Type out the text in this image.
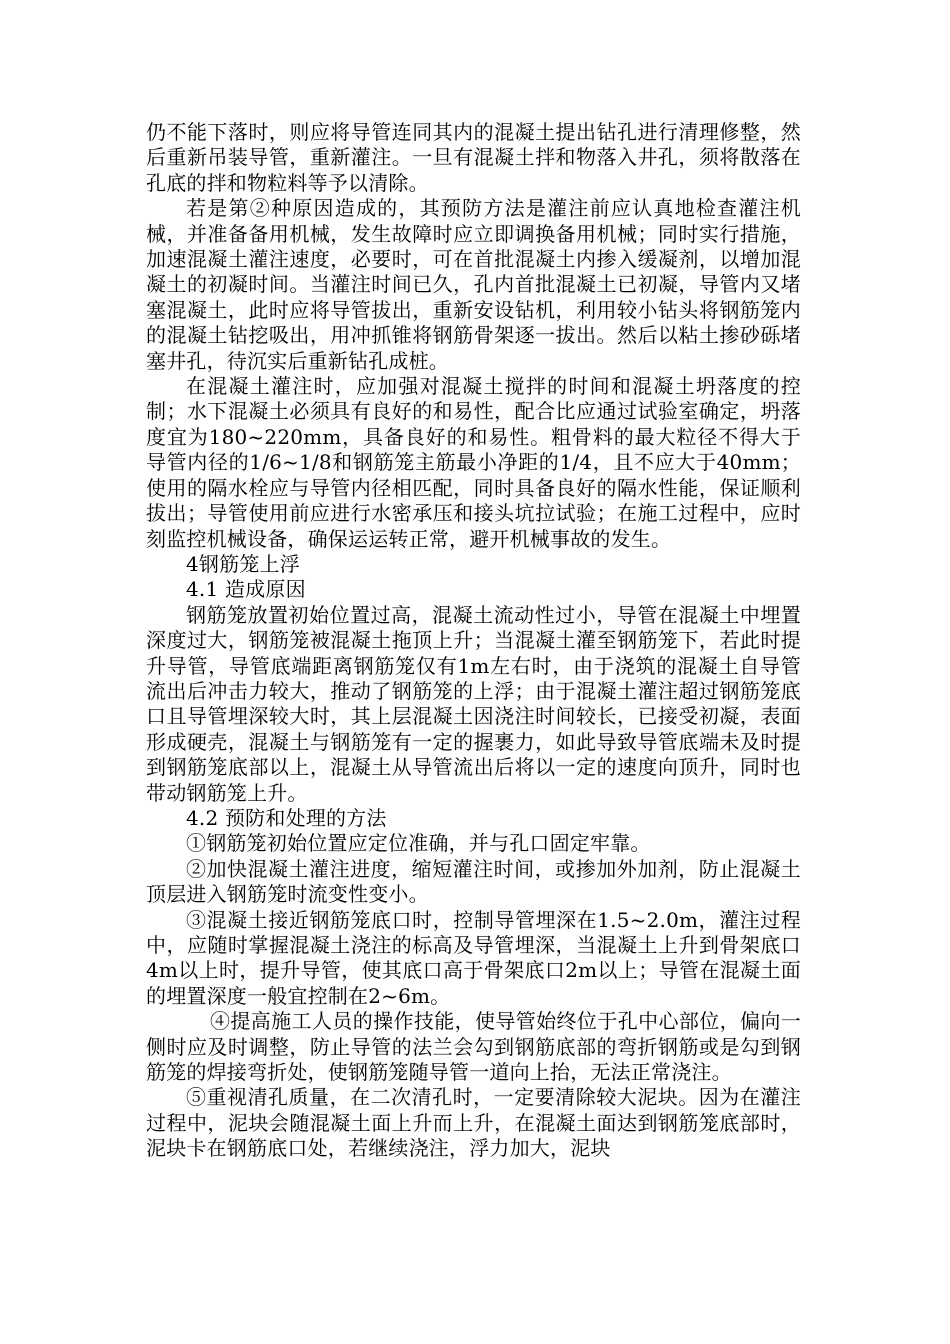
仍不能下落时，则应将导管连同其内的混凝土提出钻孔进行清理修整，然后重新吊装导管，重新灌注。一旦有混凝土拌和物落入井孔，须将散落在孔底的拌和物粒料等予以清除。

若是第②种原因造成的，其预防方法是灌注前应认真地检查灌注机械，并准备备用机械，发生故障时应立即调换备用机械；同时实行措施，加速混凝土灌注速度，必要时，可在首批混凝土内掺入缓凝剂，以增加混凝土的初凝时间。当灌注时间已久，孔内首批混凝土已初凝，导管内又堵塞混凝土，此时应将导管拔出，重新安设钻机，利用较小钻头将钢筋笼内的混凝土钻挖吸出，用冲抓锥将钢筋骨架逐一拔出。然后以粘土掺砂砾堵塞井孔，待沉实后重新钻孔成桩。

在混凝土灌注时，应加强对混凝土搅拌的时间和混凝土坍落度的控制；水下混凝土必须具有良好的和易性，配合比应通过试验室确定，坍落度宜为180~220mm，具备良好的和易性。粗骨料的最大粒径不得大于导管内径的1/6~1/8和钢筋笼主筋最小净距的1/4，且不应大于40mm；使用的隔水栓应与导管内径相匹配，同时具备良好的隔水性能，保证顺利拔出；导管使用前应进行水密承压和接头坑拉试验；在施工过程中，应时刻监控机械设备，确保运运转正常，避开机械事故的发生。

4钢筋笼上浮

4.1 造成原因

钢筋笼放置初始位置过高，混凝土流动性过小，导管在混凝土中埋置深度过大，钢筋笼被混凝土拖顶上升；当混凝土灌至钢筋笼下，若此时提升导管，导管底端距离钢筋笼仅有1m左右时，由于浇筑的混凝土自导管流出后冲击力较大，推动了钢筋笼的上浮；由于混凝土灌注超过钢筋笼底口且导管埋深较大时，其上层混凝土因浇注时间较长，已接受初凝，表面形成硬壳，混凝土与钢筋笼有一定的握裹力，如此导致导管底端未及时提到钢筋笼底部以上，混凝土从导管流出后将以一定的速度向顶升，同时也带动钢筋笼上升。

4.2 预防和处理的方法

①钢筋笼初始位置应定位准确，并与孔口固定牢靠。

②加快混凝土灌注进度，缩短灌注时间，或掺加外加剂，防止混凝土顶层进入钢筋笼时流变性变小。

③混凝土接近钢筋笼底口时，控制导管埋深在1.5~2.0m，灌注过程中，应随时掌握混凝土浇注的标高及导管埋深，当混凝土上升到骨架底口4m以上时，提升导管，使其底口高于骨架底口2m以上；导管在混凝土面的埋置深度一般宜控制在2~6m。

④提高施工人员的操作技能，使导管始终位于孔中心部位，偏向一侧时应及时调整，防止导管的法兰会勾到钢筋底部的弯折钢筋或是勾到钢筋笼的焊接弯折处，使钢筋笼随导管一道向上抬，无法正常浇注。

⑤重视清孔质量，在二次清孔时，一定要清除较大泥块。因为在灌注过程中，泥块会随混凝土面上升而上升，在混凝土面达到钢筋笼底部时，泥块卡在钢筋底口处，若继续浇注，浮力加大，泥块
